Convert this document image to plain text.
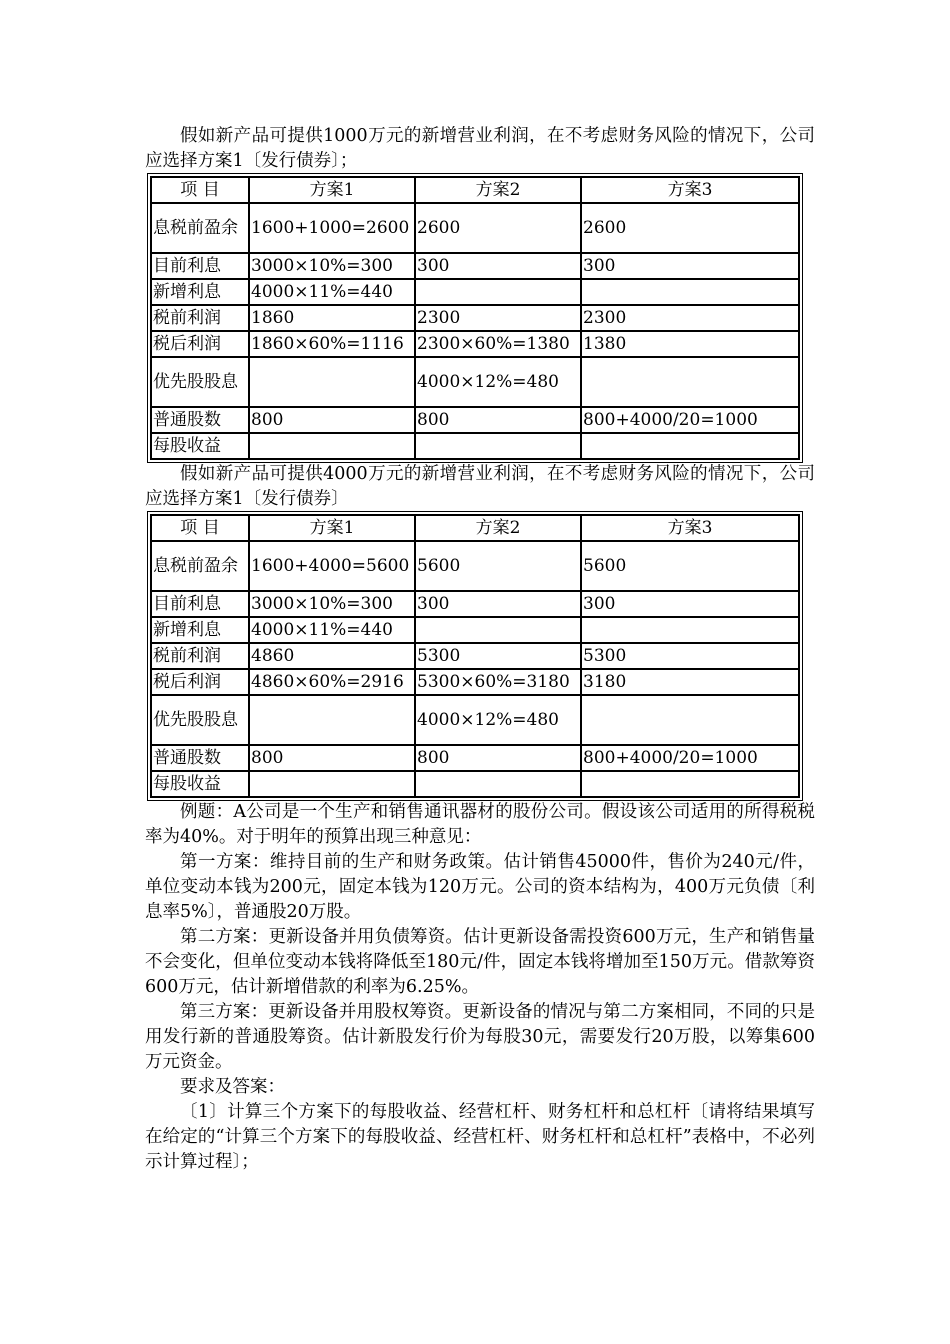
假如新产品可提供1000万元的新增营业利润，在不考虑财务风险的情况下，公司应选择方案1〔发行债券〕；

项 目	方案1	方案2	方案3
息税前盈余	1600+1000=2600	2600	2600
目前利息	3000×10%=300	300	300
新增利息	4000×11%=440		
税前利润	1860	2300	2300
税后利润	1860×60%=1116	2300×60%=1380	1380
优先股股息		4000×12%=480	
普通股数	800	800	800+4000/20=1000
每股收益			

假如新产品可提供4000万元的新增营业利润，在不考虑财务风险的情况下，公司应选择方案1〔发行债券〕

项 目	方案1	方案2	方案3
息税前盈余	1600+4000=5600	5600	5600
目前利息	3000×10%=300	300	300
新增利息	4000×11%=440		
税前利润	4860	5300	5300
税后利润	4860×60%=2916	5300×60%=3180	3180
优先股股息		4000×12%=480	
普通股数	800	800	800+4000/20=1000
每股收益			

例题：A公司是一个生产和销售通讯器材的股份公司。假设该公司适用的所得税税率为40%。对于明年的预算出现三种意见：

第一方案：维持目前的生产和财务政策。估计销售45000件，售价为240元/件，单位变动本钱为200元，固定本钱为120万元。公司的资本结构为，400万元负债〔利息率5%〕，普通股20万股。

第二方案：更新设备并用负债筹资。估计更新设备需投资600万元，生产和销售量不会变化，但单位变动本钱将降低至180元/件，固定本钱将增加至150万元。借款筹资600万元，估计新增借款的利率为6.25%。

第三方案：更新设备并用股权筹资。更新设备的情况与第二方案相同，不同的只是用发行新的普通股筹资。估计新股发行价为每股30元，需要发行20万股，以筹集600万元资金。

要求及答案：

〔1〕计算三个方案下的每股收益、经营杠杆、财务杠杆和总杠杆〔请将结果填写在给定的“计算三个方案下的每股收益、经营杠杆、财务杠杆和总杠杆”表格中，不必列示计算过程〕；
